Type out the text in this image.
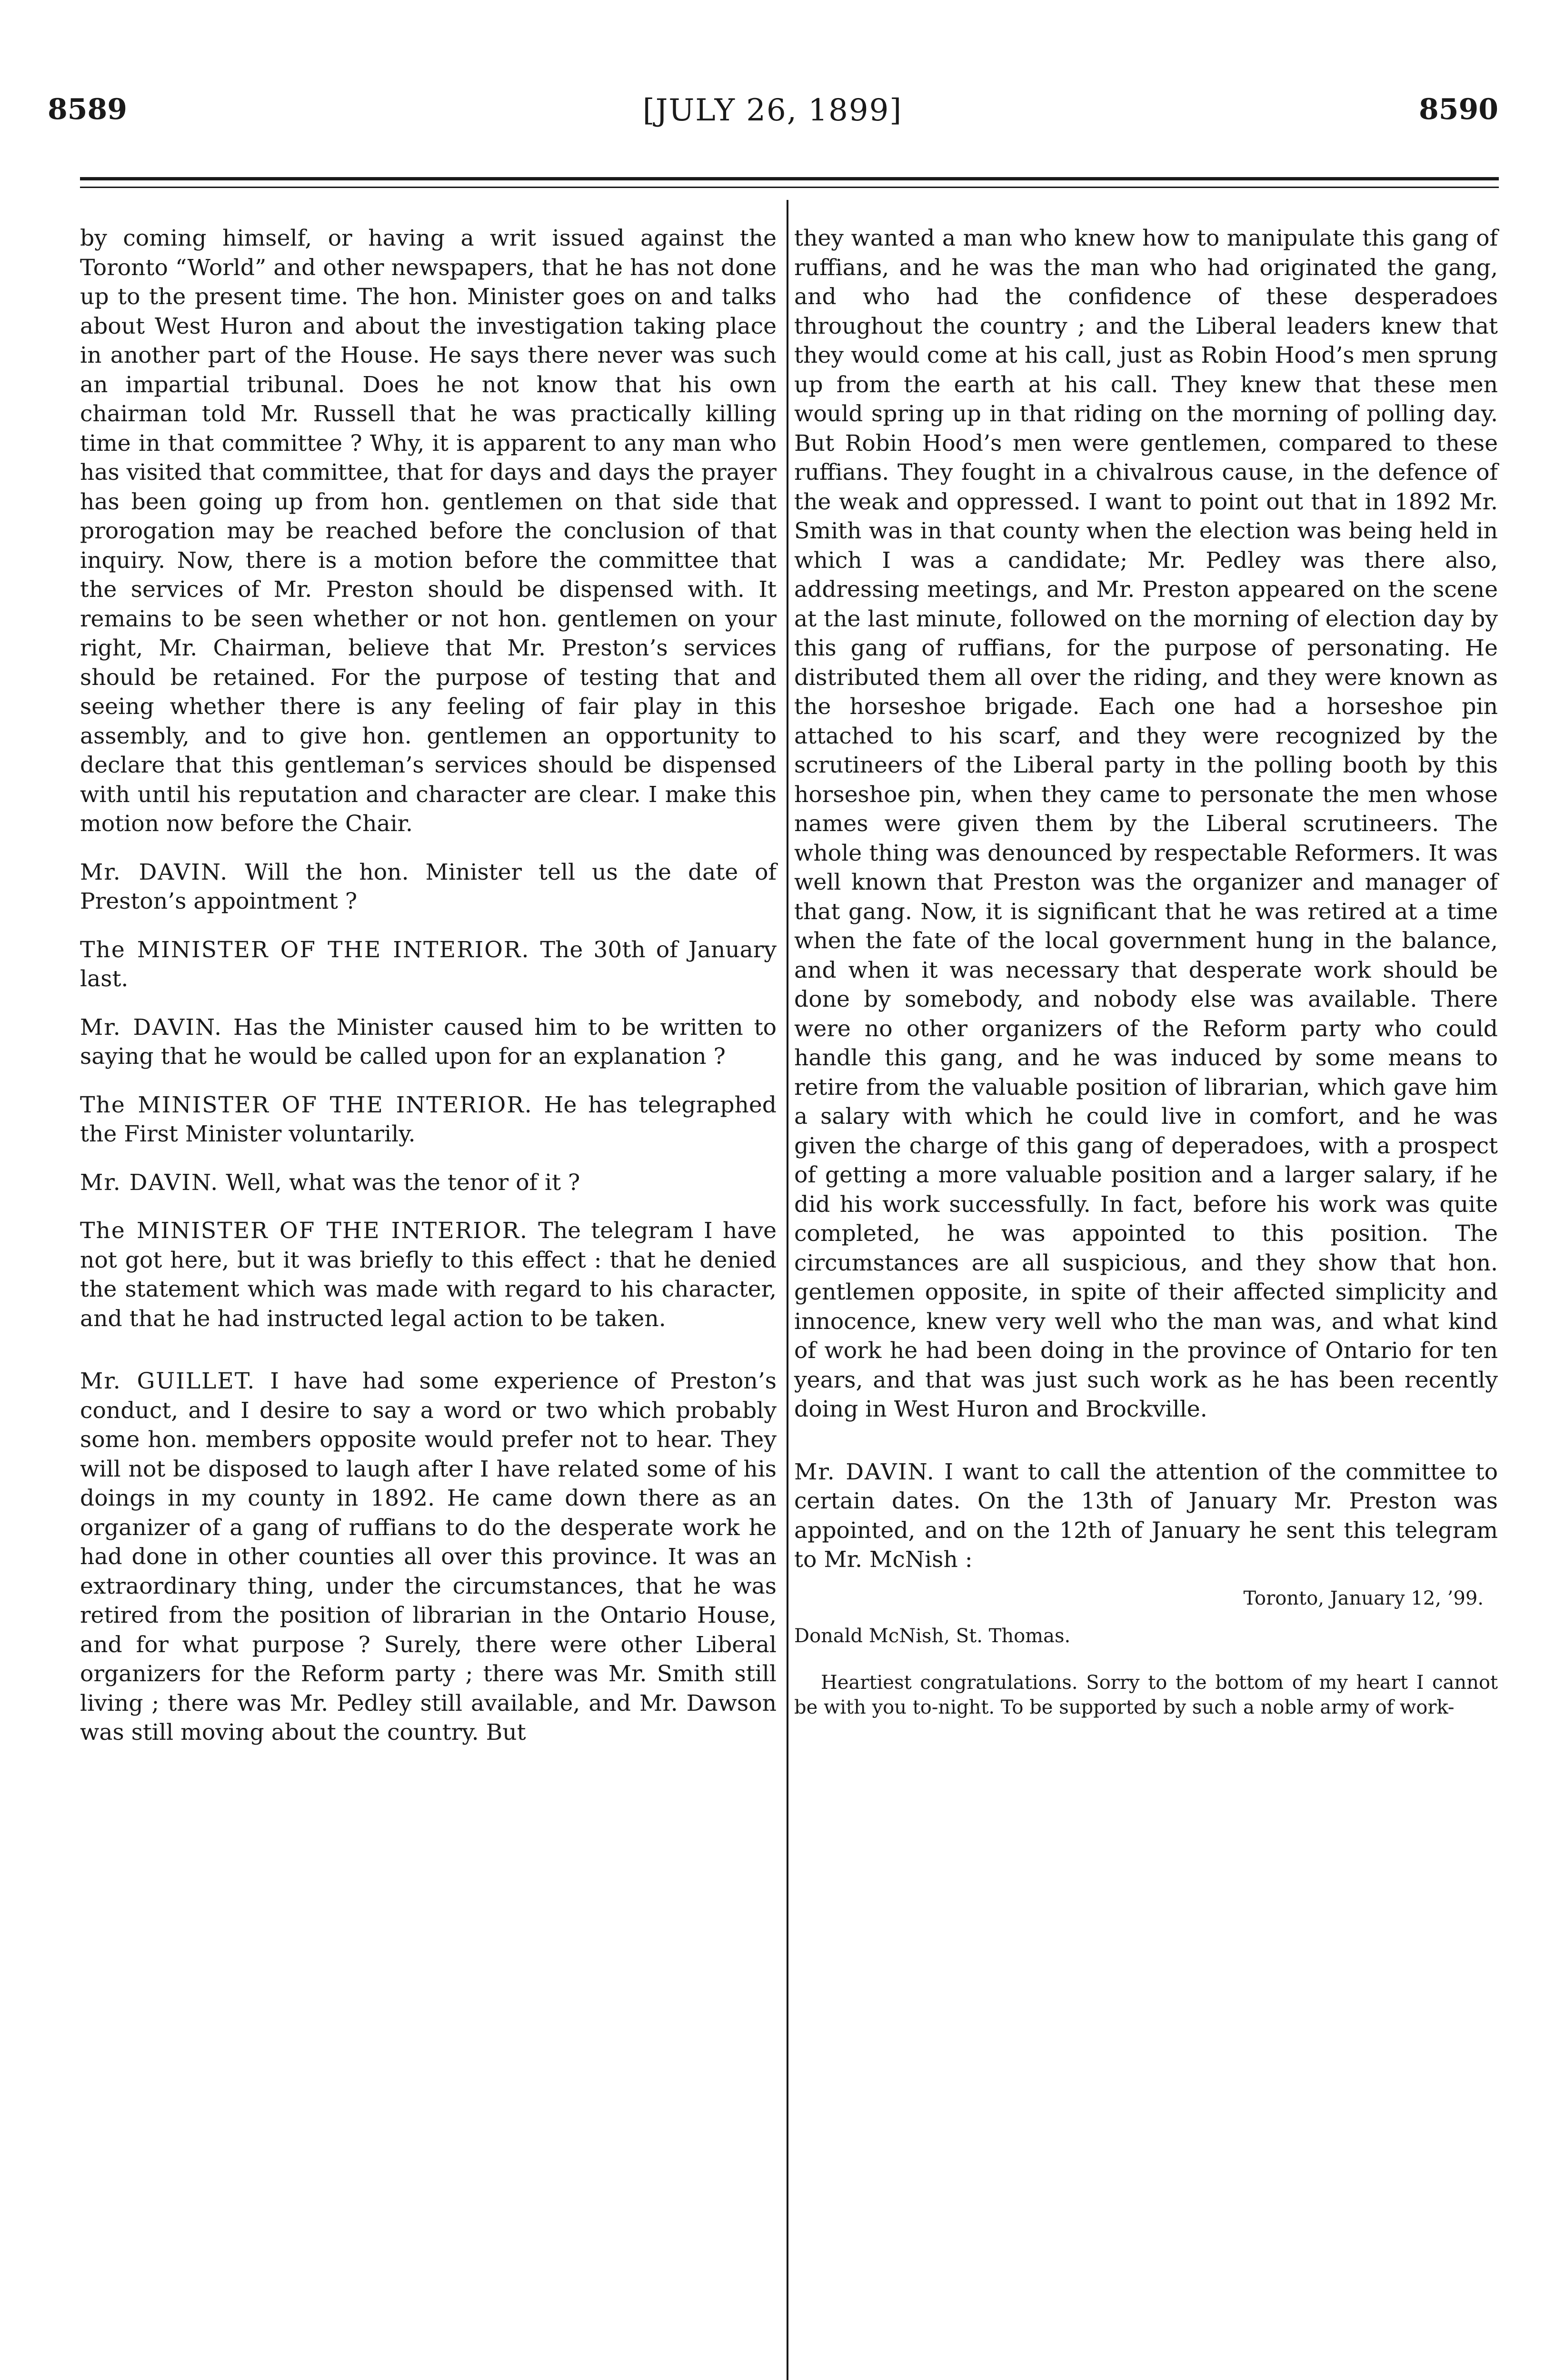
8589	[JULY 26, 1899]	8590

by coming himself, or having a writ issued against the Toronto “World” and other newspapers, that he has not done up to the present time. The hon. Minister goes on and talks about West Huron and about the investigation taking place in another part of the House. He says there never was such an impartial tribunal. Does he not know that his own chairman told Mr. Russell that he was practically killing time in that committee ? Why, it is apparent to any man who has visited that committee, that for days and days the prayer has been going up from hon. gentlemen on that side that prorogation may be reached before the conclusion of that inquiry. Now, there is a motion before the committee that the services of Mr. Preston should be dispensed with. It remains to be seen whether or not hon. gentlemen on your right, Mr. Chairman, believe that Mr. Preston’s services should be retained. For the purpose of testing that and seeing whether there is any feeling of fair play in this assembly, and to give hon. gentlemen an opportunity to declare that this gentleman’s services should be dispensed with until his reputation and character are clear. I make this motion now before the Chair.

Mr. DAVIN. Will the hon. Minister tell us the date of Preston’s appointment ?

The MINISTER OF THE INTERIOR. The 30th of January last.

Mr. DAVIN. Has the Minister caused him to be written to saying that he would be called upon for an explanation ?

The MINISTER OF THE INTERIOR. He has telegraphed the First Minister voluntarily.

Mr. DAVIN. Well, what was the tenor of it ?

The MINISTER OF THE INTERIOR. The telegram I have not got here, but it was briefly to this effect : that he denied the statement which was made with regard to his character, and that he had instructed legal action to be taken.

Mr. GUILLET. I have had some experience of Preston’s conduct, and I desire to say a word or two which probably some hon. members opposite would prefer not to hear. They will not be disposed to laugh after I have related some of his doings in my county in 1892. He came down there as an organizer of a gang of ruffians to do the desperate work he had done in other counties all over this province. It was an extraordinary thing, under the circumstances, that he was retired from the position of librarian in the Ontario House, and for what purpose ? Surely, there were other Liberal organizers for the Reform party ; there was Mr. Smith still living ; there was Mr. Pedley still available, and Mr. Dawson was still moving about the country. But

they wanted a man who knew how to manipulate this gang of ruffians, and he was the man who had originated the gang, and who had the confidence of these desperadoes throughout the country ; and the Liberal leaders knew that they would come at his call, just as Robin Hood’s men sprung up from the earth at his call. They knew that these men would spring up in that riding on the morning of polling day. But Robin Hood’s men were gentlemen, compared to these ruffians. They fought in a chivalrous cause, in the defence of the weak and oppressed. I want to point out that in 1892 Mr. Smith was in that county when the election was being held in which I was a candidate; Mr. Pedley was there also, addressing meetings, and Mr. Preston appeared on the scene at the last minute, followed on the morning of election day by this gang of ruffians, for the purpose of personating. He distributed them all over the riding, and they were known as the horseshoe brigade. Each one had a horseshoe pin attached to his scarf, and they were recognized by the scrutineers of the Liberal party in the polling booth by this horseshoe pin, when they came to personate the men whose names were given them by the Liberal scrutineers. The whole thing was denounced by respectable Reformers. It was well known that Preston was the organizer and manager of that gang. Now, it is significant that he was retired at a time when the fate of the local government hung in the balance, and when it was necessary that desperate work should be done by somebody, and nobody else was available. There were no other organizers of the Reform party who could handle this gang, and he was induced by some means to retire from the valuable position of librarian, which gave him a salary with which he could live in comfort, and he was given the charge of this gang of deperadoes, with a prospect of getting a more valuable position and a larger salary, if he did his work successfully. In fact, before his work was quite completed, he was appointed to this position. The circumstances are all suspicious, and they show that hon. gentlemen opposite, in spite of their affected simplicity and innocence, knew very well who the man was, and what kind of work he had been doing in the province of Ontario for ten years, and that was just such work as he has been recently doing in West Huron and Brockville.

Mr. DAVIN. I want to call the attention of the committee to certain dates. On the 13th of January Mr. Preston was appointed, and on the 12th of January he sent this telegram to Mr. McNish :

Toronto, January 12, ’99.

Donald McNish, St. Thomas.

Heartiest congratulations. Sorry to the bottom of my heart I cannot be with you to-night. To be supported by such a noble army of work-
